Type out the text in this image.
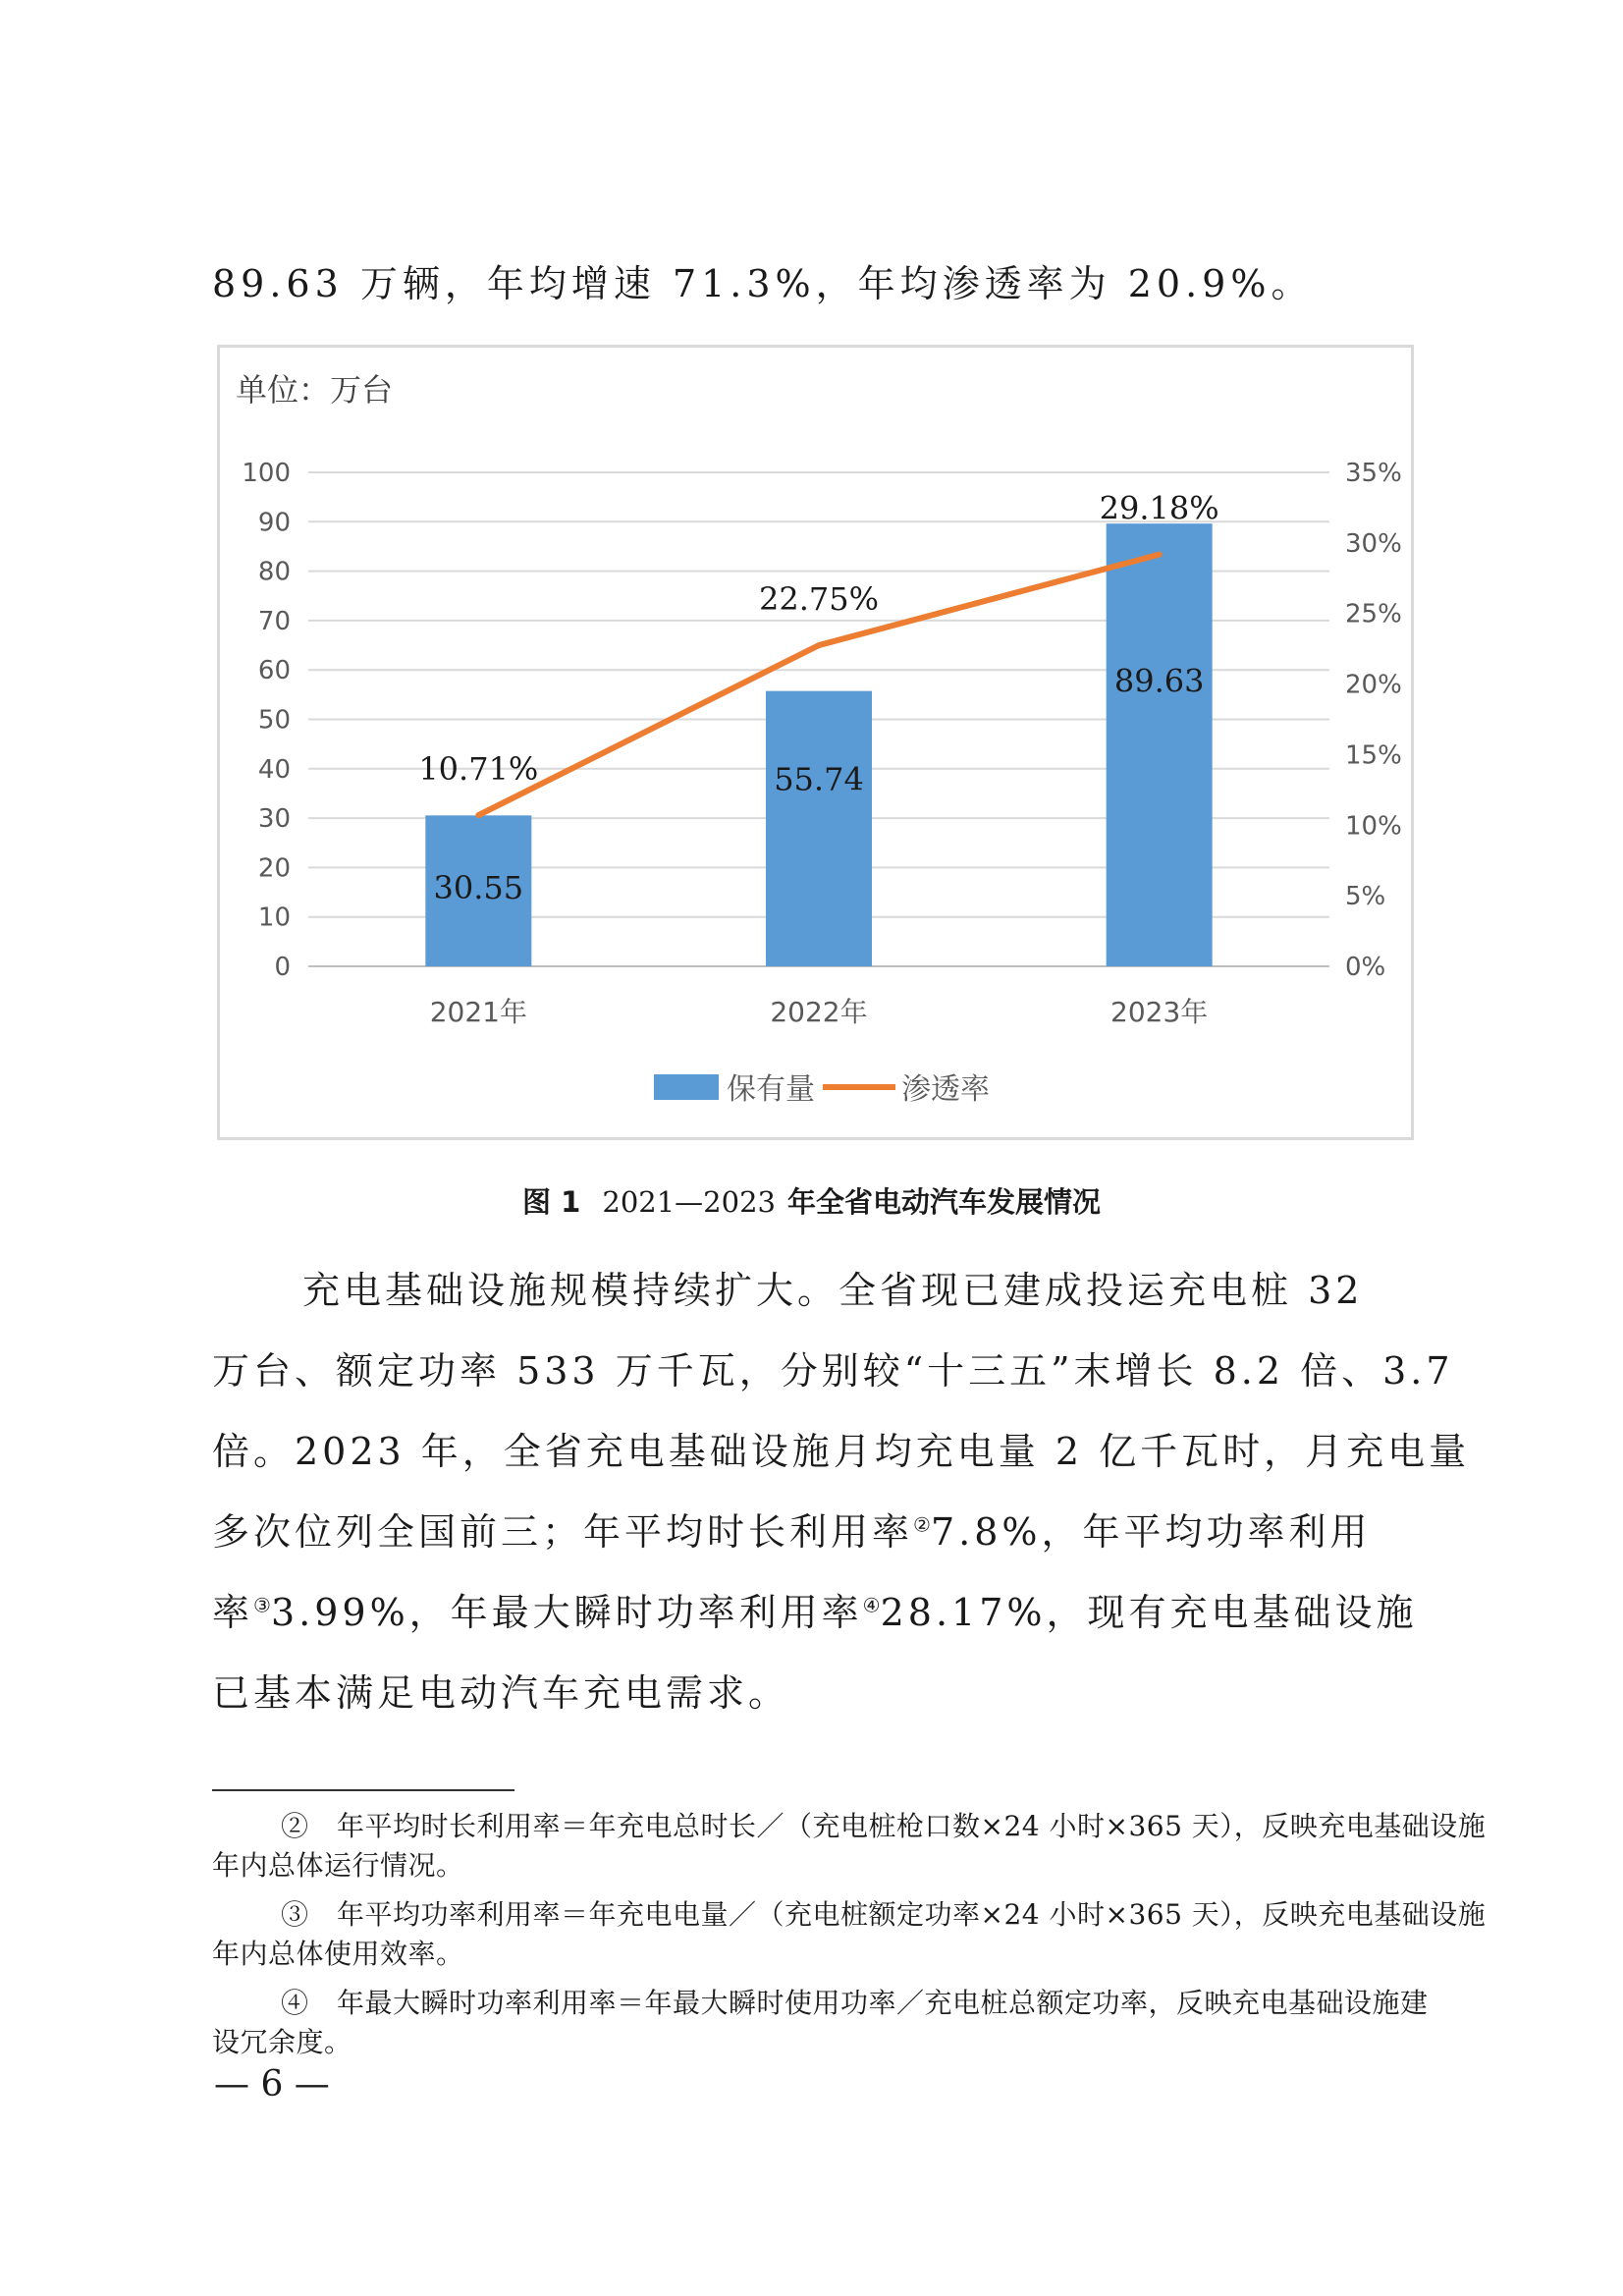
89.63 万辆，年均增速 71.3%，年均渗透率为 20.9%。
单位：万台
0
10
20
30
40
50
60
70
80
90
100
0%
5%
10%
15%
20%
25%
30%
35%
30.55
55.74
89.63
10.71%
22.75%
29.18%
2021年	2022年	2023年
保有量	渗透率
图 1 2021—2023 年全省电动汽车发展情况
充电基础设施规模持续扩大。全省现已建成投运充电桩 32
万台、额定功率 533 万千瓦，分别较“十三五”末增长 8.2 倍、3.7
倍。2023 年，全省充电基础设施月均充电量 2 亿千瓦时，月充电量
多次位列全国前三；年平均时长利用率②7.8%，年平均功率利用
率③3.99%，年最大瞬时功率利用率④28.17%，现有充电基础设施
已基本满足电动汽车充电需求。
②　年平均时长利用率＝年充电总时长／（充电桩枪口数×24 小时×365 天），反映充电基础设施
年内总体运行情况。
③　年平均功率利用率＝年充电电量／（充电桩额定功率×24 小时×365 天），反映充电基础设施
年内总体使用效率。
④　年最大瞬时功率利用率＝年最大瞬时使用功率／充电桩总额定功率，反映充电基础设施建
设冗余度。
— 6 —
